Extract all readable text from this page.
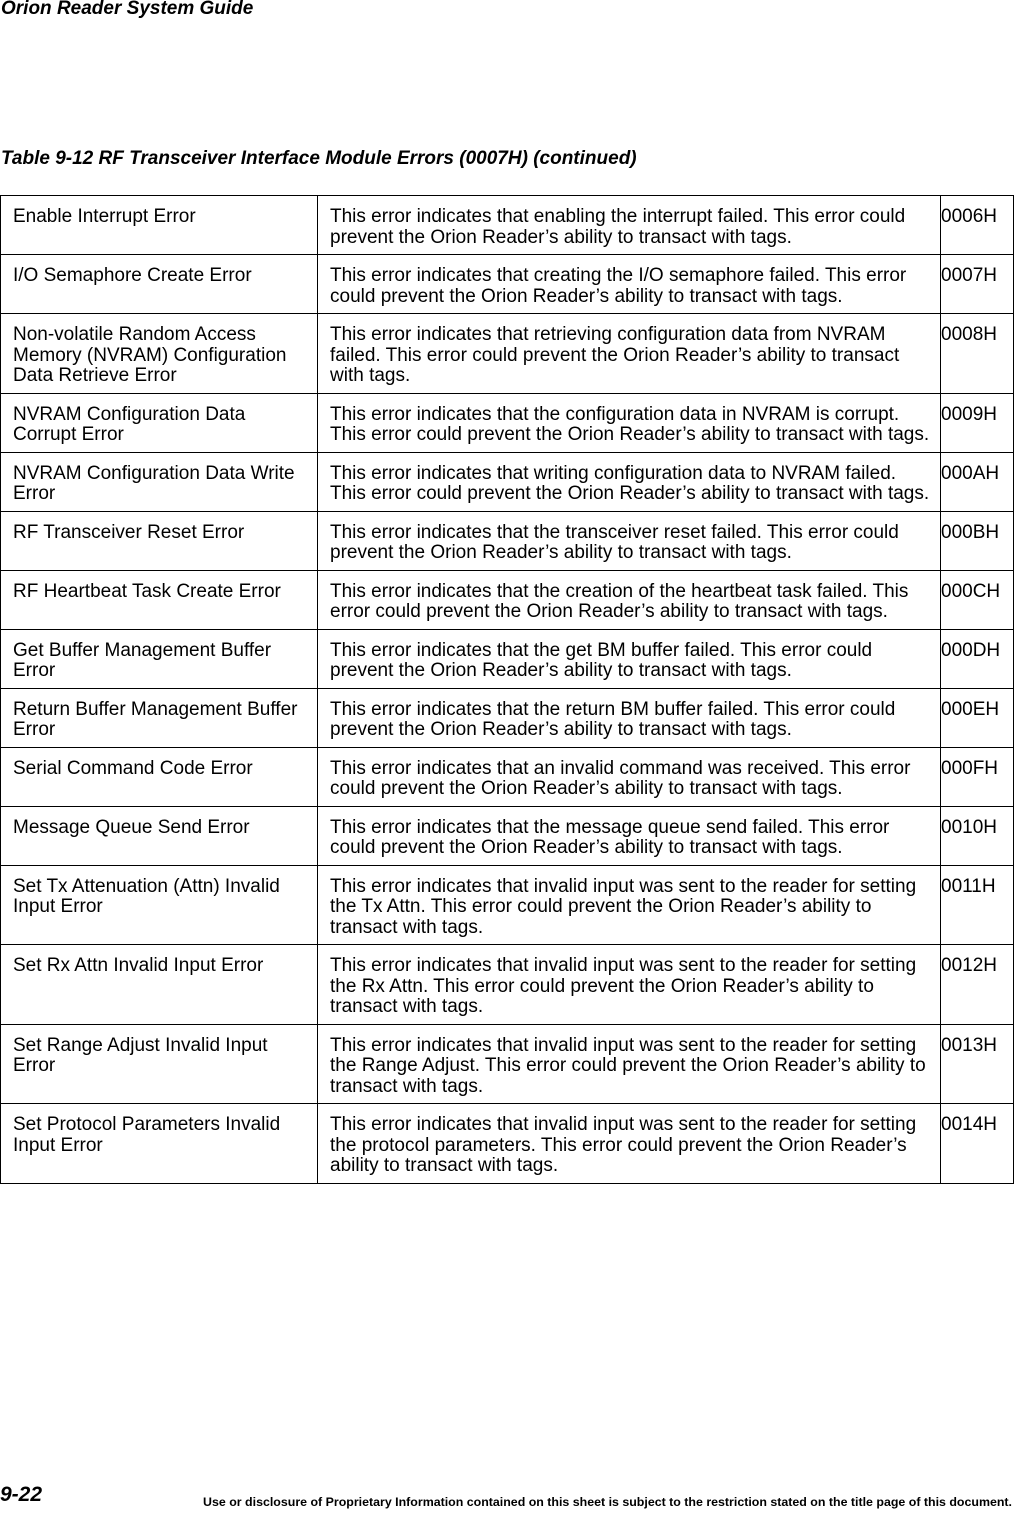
Orion Reader System Guide
Table 9-12 RF Transceiver Interface Module Errors (0007H) (continued)
Enable Interrupt Error	This error indicates that enabling the interrupt failed. This error could prevent the Orion Reader’s ability to transact with tags.	0006H
I/O Semaphore Create Error	This error indicates that creating the I/O semaphore failed. This error could prevent the Orion Reader’s ability to transact with tags.	0007H
Non-volatile Random Access Memory (NVRAM) Configuration Data Retrieve Error	This error indicates that retrieving configuration data from NVRAM failed. This error could prevent the Orion Reader’s ability to transact with tags.	0008H
NVRAM Configuration Data Corrupt Error	This error indicates that the configuration data in NVRAM is corrupt. This error could prevent the Orion Reader’s ability to transact with tags.	0009H
NVRAM Configuration Data Write Error	This error indicates that writing configuration data to NVRAM failed. This error could prevent the Orion Reader’s ability to transact with tags.	000AH
RF Transceiver Reset Error	This error indicates that the transceiver reset failed. This error could prevent the Orion Reader’s ability to transact with tags.	000BH
RF Heartbeat Task Create Error	This error indicates that the creation of the heartbeat task failed. This error could prevent the Orion Reader’s ability to transact with tags.	000CH
Get Buffer Management Buffer Error	This error indicates that the get BM buffer failed. This error could prevent the Orion Reader’s ability to transact with tags.	000DH
Return Buffer Management Buffer Error	This error indicates that the return BM buffer failed. This error could prevent the Orion Reader’s ability to transact with tags.	000EH
Serial Command Code Error	This error indicates that an invalid command was received. This error could prevent the Orion Reader’s ability to transact with tags.	000FH
Message Queue Send Error	This error indicates that the message queue send failed. This error could prevent the Orion Reader’s ability to transact with tags.	0010H
Set Tx Attenuation (Attn) Invalid Input Error	This error indicates that invalid input was sent to the reader for setting the Tx Attn. This error could prevent the Orion Reader’s ability to transact with tags.	0011H
Set Rx Attn Invalid Input Error	This error indicates that invalid input was sent to the reader for setting the Rx Attn. This error could prevent the Orion Reader’s ability to transact with tags.	0012H
Set Range Adjust Invalid Input Error	This error indicates that invalid input was sent to the reader for setting the Range Adjust. This error could prevent the Orion Reader’s ability to transact with tags.	0013H
Set Protocol Parameters Invalid Input Error	This error indicates that invalid input was sent to the reader for setting the protocol parameters. This error could prevent the Orion Reader’s ability to transact with tags.	0014H
9-22	Use or disclosure of Proprietary Information contained on this sheet is subject to the restriction stated on the title page of this document.
